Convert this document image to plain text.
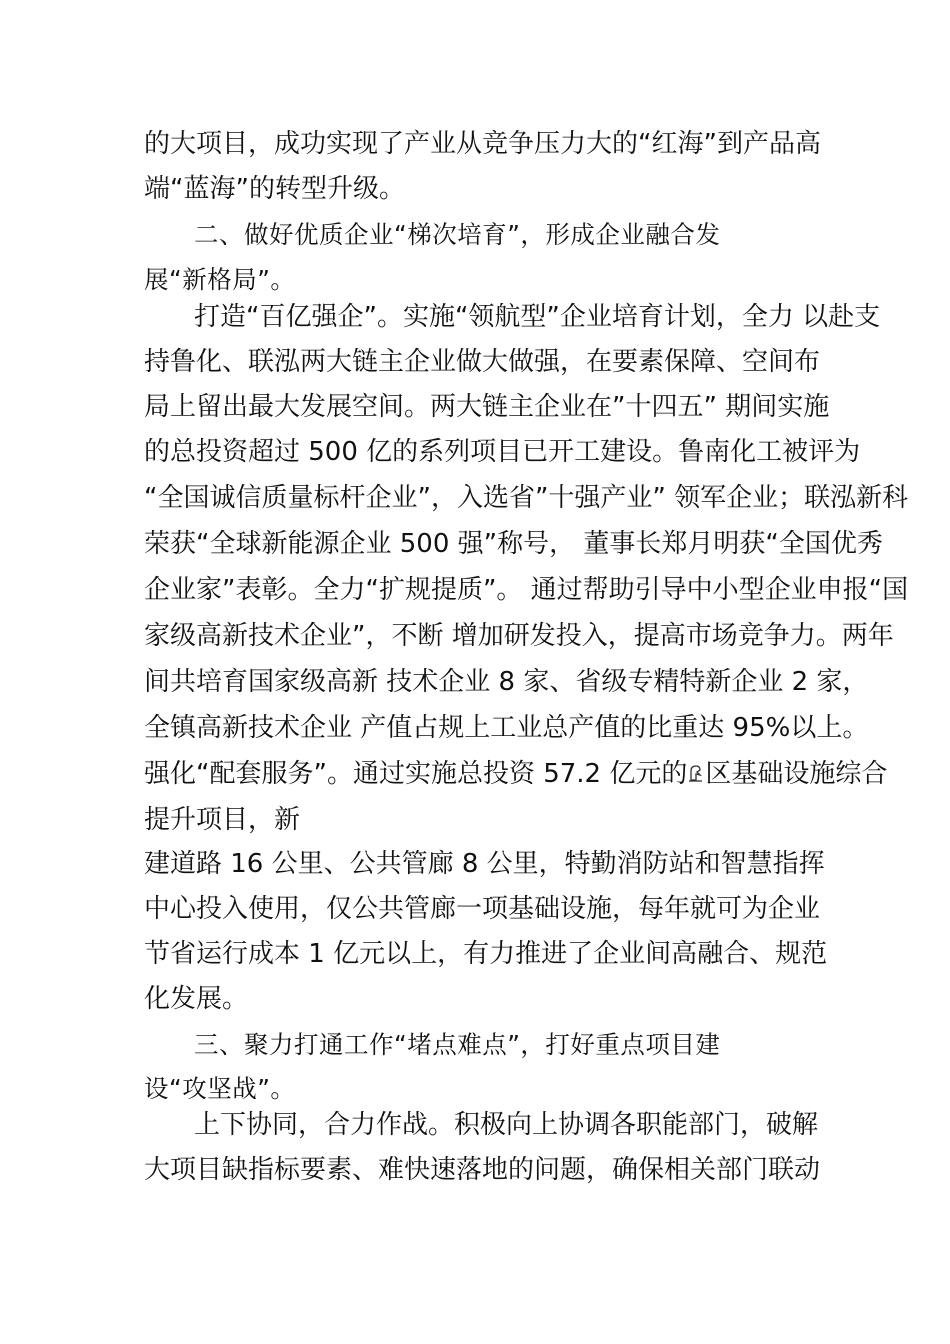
的大项目，成功实现了产业从竞争压力大的“红海”到产品高
端“蓝海”的转型升级。
二、做好优质企业“梯次培育”，形成企业融合发
展“新格局”。
打造“百亿强企”。实施“领航型”企业培育计划，全力 以赴支
持鲁化、联泓两大链主企业做大做强，在要素保障、空间布
局上留出最大发展空间。两大链主企业在”十四五” 期间实施
的总投资超过 500 亿的系列项目已开工建设。鲁南化工被评为
“全国诚信质量标杆企业”，入选省”十强产业” 领军企业；联泓新科
荣获“全球新能源企业 500 强”称号， 董事长郑月明获“全国优秀
企业家”表彰。全力“扩规提质”。 通过帮助引导中小型企业申报“国
家级高新技术企业”，不断 增加研发投入，提高市场竞争力。两年
间共培育国家级高新 技术企业 8 家、省级专精特新企业 2 家，
全镇高新技术企业 产值占规上工业总产值的比重达 95%以上。
强化“配套服务”。通过实施总投资 57.2 亿元的 区基础设施综合
提升项目，新
建道路 16 公里、公共管廊 8 公里，特勤消防站和智慧指挥
中心投入使用，仅公共管廊一项基础设施，每年就可为企业
节省运行成本 1 亿元以上，有力推进了企业间高融合、规范
化发展。
三、聚力打通工作“堵点难点”，打好重点项目建
设“攻坚战”。
上下协同，合力作战。积极向上协调各职能部门，破解
大项目缺指标要素、难快速落地的问题，确保相关部门联动
